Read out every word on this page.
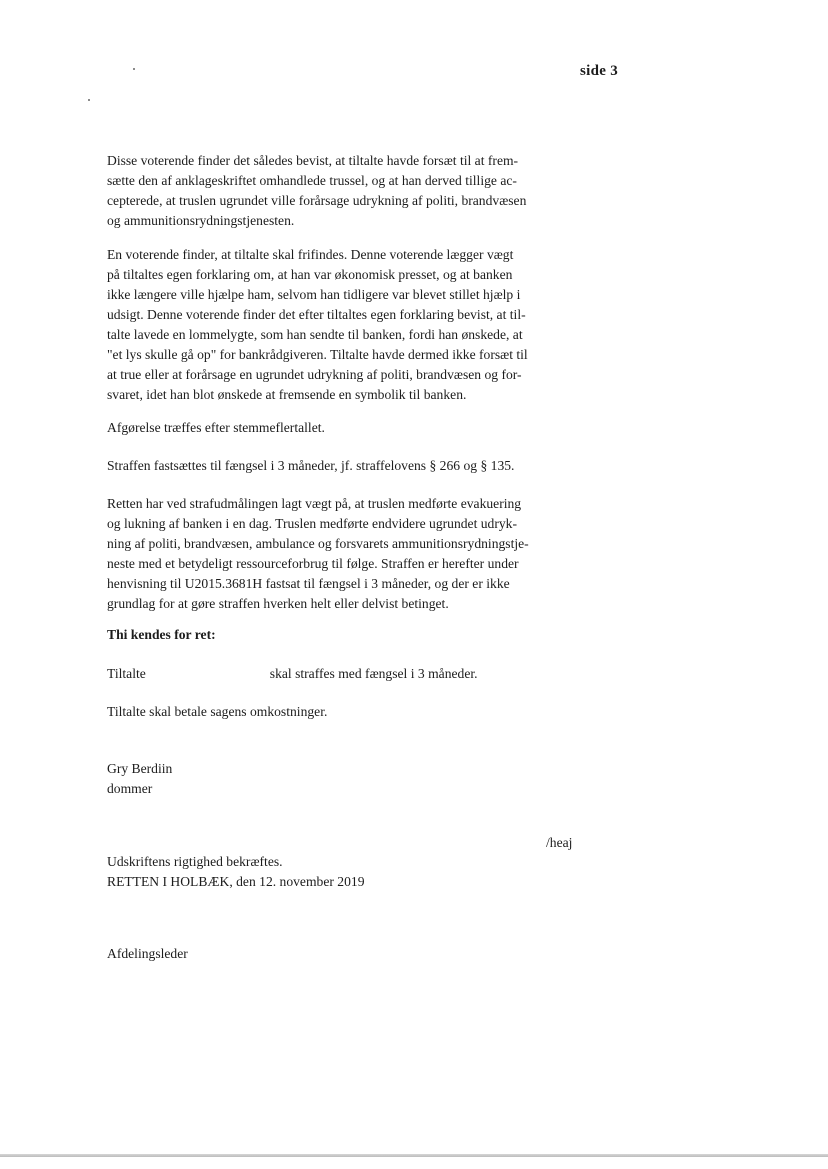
side 3
Disse voterende finder det således bevist, at tiltalte havde forsæt til at frem-
sætte den af anklageskriftet omhandlede trussel, og at han derved tillige ac-
cepterede, at truslen ugrundet ville forårsage udrykning af politi, brandvæsen
og ammunitionsrydningstjenesten.
En voterende finder, at tiltalte skal frifindes. Denne voterende lægger vægt
på tiltaltes egen forklaring om, at han var økonomisk presset, og at banken
ikke længere ville hjælpe ham, selvom han tidligere var blevet stillet hjælp i
udsigt. Denne voterende finder det efter tiltaltes egen forklaring bevist, at til-
talte lavede en lommelygte, som han sendte til banken, fordi han ønskede, at
"et lys skulle gå op" for bankrådgiveren. Tiltalte havde dermed ikke forsæt til
at true eller at forårsage en ugrundet udrykning af politi, brandvæsen og for-
svaret, idet han blot ønskede at fremsende en symbolik til banken.
Afgørelse træffes efter stemmeflertallet.
Straffen fastsættes til fængsel i 3 måneder, jf. straffelovens § 266 og § 135.
Retten har ved strafudmålingen lagt vægt på, at truslen medførte evakuering
og lukning af banken i en dag. Truslen medførte endvidere ugrundet udryk-
ning af politi, brandvæsen, ambulance og forsvarets ammunitionsrydningstje-
neste med et betydeligt ressourceforbrug til følge. Straffen er herefter under
henvisning til U2015.3681H fastsat til fængsel i 3 måneder, og der er ikke
grundlag for at gøre straffen hverken helt eller delvist betinget.
Thi kendes for ret:
Tiltalte	skal straffes med fængsel i 3 måneder.
Tiltalte skal betale sagens omkostninger.
Gry Berdiin
dommer
/heaj
Udskriftens rigtighed bekræftes.
RETTEN I HOLBÆK, den 12. november 2019
Afdelingsleder
